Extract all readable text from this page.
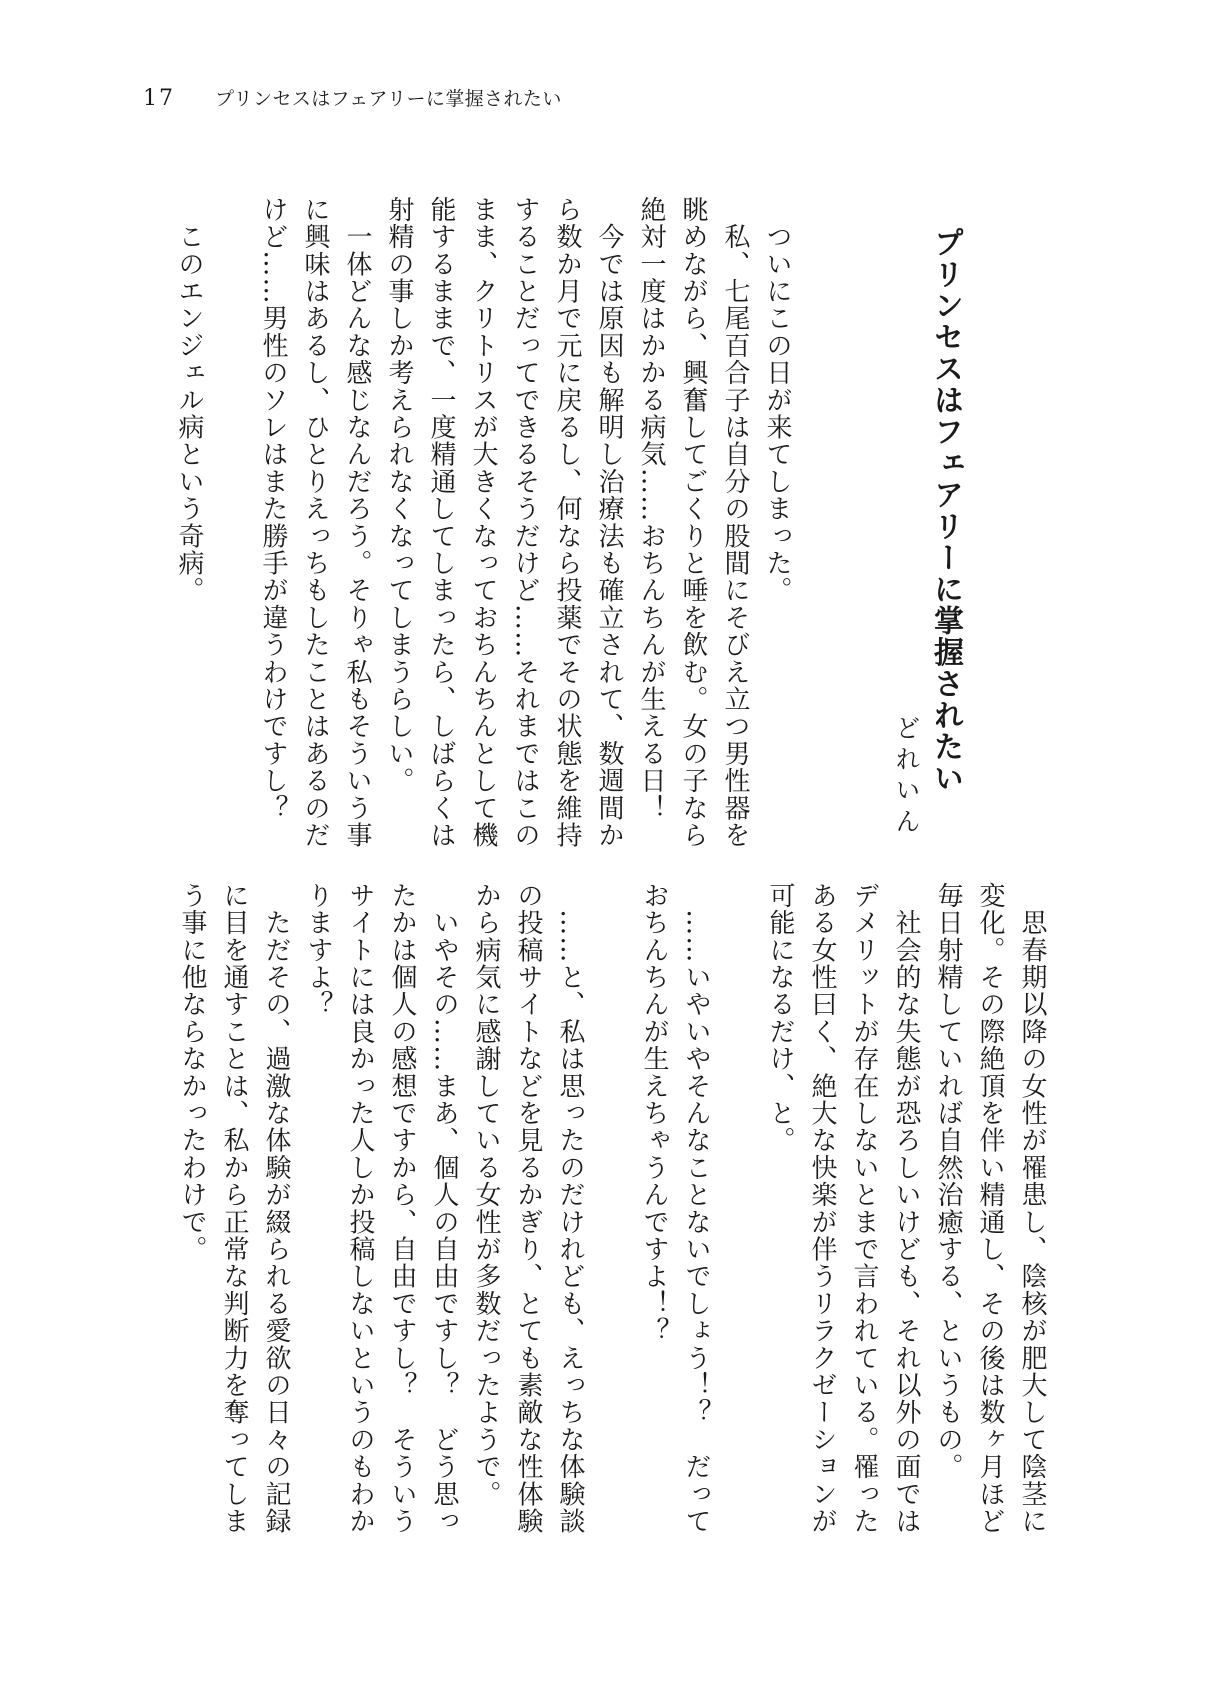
17 プリンセスはフェアリーに掌握されたい
プリンセスはフェアリーに掌握されたい
どれいん
　ついにこの日が来てしまった。
　私、七尾百合子は自分の股間にそびえ立つ男性器を
眺めながら、興奮してごくりと唾を飲む。女の子なら
絶対一度はかかる病気……おちんちんが生える日！
　今では原因も解明し治療法も確立されて、数週間か
ら数か月で元に戻るし、何なら投薬でその状態を維持
することだってできるそうだけど……それまではこの
まま、クリトリスが大きくなっておちんちんとして機
能するままで、一度精通してしまったら、しばらくは
射精の事しか考えられなくなってしまうらしい。
　一体どんな感じなんだろう。そりゃ私もそういう事
に興味はあるし、ひとりえっちもしたことはあるのだ
けど……男性のソレはまた勝手が違うわけですし？
　このエンジェル病という奇病。
　思春期以降の女性が罹患し、陰核が肥大して陰茎に
変化。その際絶頂を伴い精通し、その後は数ヶ月ほど
毎日射精していれば自然治癒する、というもの。
　社会的な失態が恐ろしいけども、それ以外の面では
デメリットが存在しないとまで言われている。罹った
ある女性曰く、絶大な快楽が伴うリラクゼーションが
可能になるだけ、と。
　……いやいやそんなことないでしょう！？　だって
おちんちんが生えちゃうんですよ！？
　……と、私は思ったのだけれども、えっちな体験談
の投稿サイトなどを見るかぎり、とても素敵な性体験
から病気に感謝している女性が多数だったようで。
　いやその……まあ、個人の自由ですし？　どう思っ
たかは個人の感想ですから、自由ですし？　そういう
サイトには良かった人しか投稿しないというのもわか
りますよ？
　ただその、過激な体験が綴られる愛欲の日々の記録
に目を通すことは、私から正常な判断力を奪ってしま
う事に他ならなかったわけで。
